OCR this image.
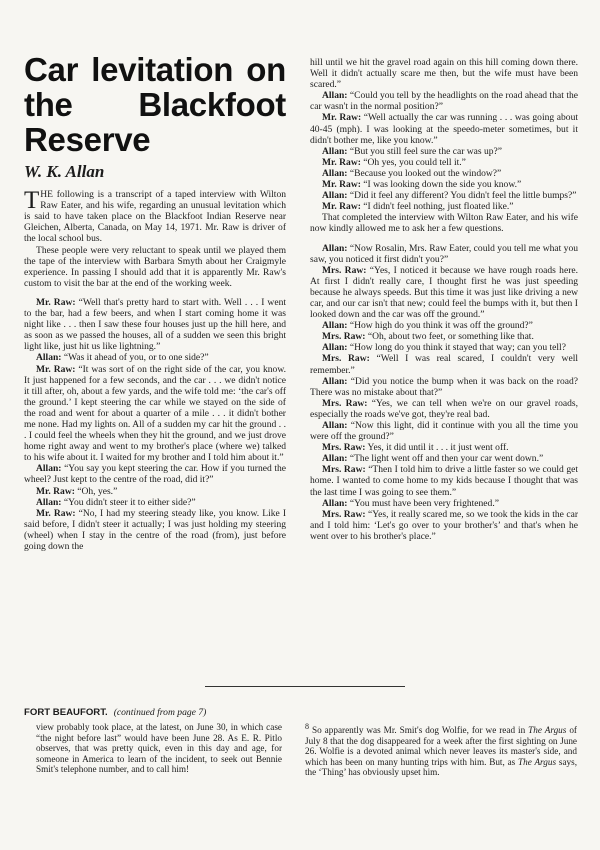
Car levitation on the Blackfoot Reserve
W. K. Allan

THE following is a transcript of a taped interview with Wilton Raw Eater, and his wife, regarding an unusual levitation which is said to have taken place on the Blackfoot Indian Reserve near Gleichen, Alberta, Canada, on May 14, 1971. Mr. Raw is driver of the local school bus.

These people were very reluctant to speak until we played them the tape of the interview with Barbara Smyth about her Craigmyle experience. In passing I should add that it is apparently Mr. Raw's custom to visit the bar at the end of the working week.

Mr. Raw: “Well that's pretty hard to start with. Well . . . I went to the bar, had a few beers, and when I start coming home it was night like . . . then I saw these four houses just up the hill here, and as soon as we passed the houses, all of a sudden we seen this bright light like, just hit us like lightning.”

Allan: “Was it ahead of you, or to one side?”

Mr. Raw: “It was sort of on the right side of the car, you know. It just happened for a few seconds, and the car . . . we didn't notice it till after, oh, about a few yards, and the wife told me: ‘the car's off the ground.’ I kept steering the car while we stayed on the side of the road and went for about a quarter of a mile . . . it didn't bother me none. Had my lights on. All of a sudden my car hit the ground . . . I could feel the wheels when they hit the ground, and we just drove home right away and went to my brother's place (where we) talked to his wife about it. I waited for my brother and I told him about it.”

Allan: “You say you kept steering the car. How if you turned the wheel? Just kept to the centre of the road, did it?”

Mr. Raw: “Oh, yes.”

Allan: “You didn't steer it to either side?”

Mr. Raw: “No, I had my steering steady like, you know. Like I said before, I didn't steer it actually; I was just holding my steering (wheel) when I stay in the centre of the road (from), just before going down the

hill until we hit the gravel road again on this hill coming down there. Well it didn't actually scare me then, but the wife must have been scared.”

Allan: “Could you tell by the headlights on the road ahead that the car wasn't in the normal position?”

Mr. Raw: “Well actually the car was running . . . was going about 40-45 (mph). I was looking at the speedo-meter sometimes, but it didn't bother me, like you know.”

Allan: “But you still feel sure the car was up?”

Mr. Raw: “Oh yes, you could tell it.”

Allan: “Because you looked out the window?”

Mr. Raw: “I was looking down the side you know.”

Allan: “Did it feel any different? You didn't feel the little bumps?”

Mr. Raw: “I didn't feel nothing, just floated like.”

That completed the interview with Wilton Raw Eater, and his wife now kindly allowed me to ask her a few questions.

Allan: “Now Rosalin, Mrs. Raw Eater, could you tell me what you saw, you noticed it first didn't you?”

Mrs. Raw: “Yes, I noticed it because we have rough roads here. At first I didn't really care, I thought first he was just speeding because he always speeds. But this time it was just like driving a new car, and our car isn't that new; could feel the bumps with it, but then I looked down and the car was off the ground.”

Allan: “How high do you think it was off the ground?”

Mrs. Raw: “Oh, about two feet, or something like that.

Allan: “How long do you think it stayed that way; can you tell?

Mrs. Raw: “Well I was real scared, I couldn't very well remember.”

Allan: “Did you notice the bump when it was back on the road? There was no mistake about that?”

Mrs. Raw: “Yes, we can tell when we're on our gravel roads, especially the roads we've got, they're real bad.

Allan: “Now this light, did it continue with you all the time you were off the ground?”

Mrs. Raw: Yes, it did until it . . . it just went off.

Allan: “The light went off and then your car went down.”

Mrs. Raw: “Then I told him to drive a little faster so we could get home. I wanted to come home to my kids because I thought that was the last time I was going to see them.”

Allan: “You must have been very frightened.”

Mrs. Raw: “Yes, it really scared me, so we took the kids in the car and I told him: ‘Let's go over to your brother's’ and that's when he went over to his brother's place.”

FORT BEAUFORT. (continued from page 7)
view probably took place, at the latest, on June 30, in which case “the night before last” would have been June 28. As E. R. Pitlo observes, that was pretty quick, even in this day and age, for someone in America to learn of the incident, to seek out Bennie Smit's telephone number, and to call him!
8 So apparently was Mr. Smit's dog Wolfie, for we read in The Argus of July 8 that the dog disappeared for a week after the first sighting on June 26. Wolfie is a devoted animal which never leaves its master's side, and which has been on many hunting trips with him. But, as The Argus says, the ‘Thing’ has obviously upset him.
